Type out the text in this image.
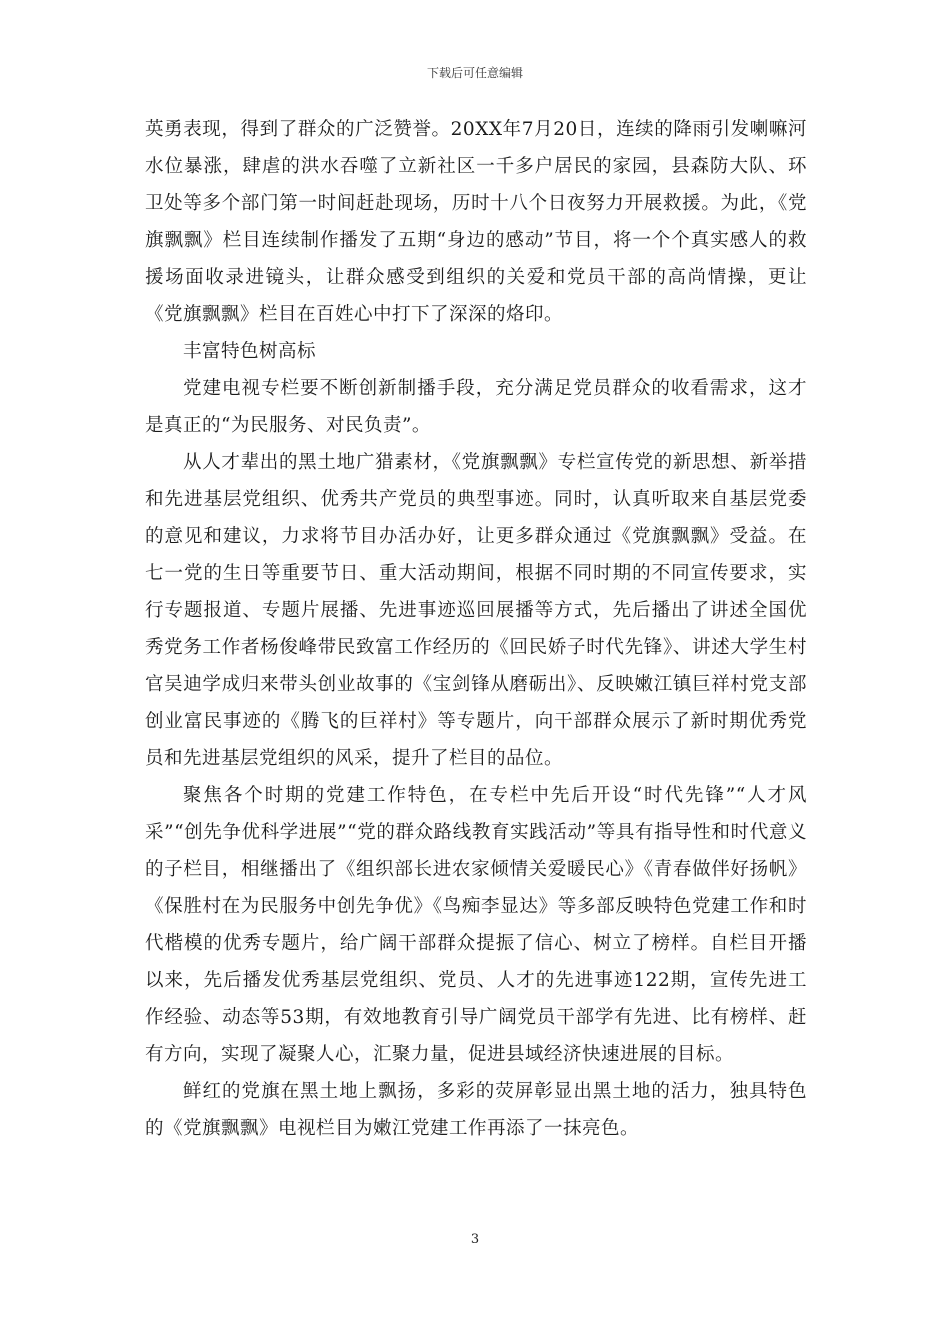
下载后可任意编辑

英勇表现，得到了群众的广泛赞誉。20XX年7月20日，连续的降雨引发喇嘛河水位暴涨，肆虐的洪水吞噬了立新社区一千多户居民的家园，县森防大队、环卫处等多个部门第一时间赶赴现场，历时十八个日夜努力开展救援。为此，《党旗飘飘》栏目连续制作播发了五期“身边的感动”节目，将一个个真实感人的救援场面收录进镜头，让群众感受到组织的关爱和党员干部的高尚情操，更让《党旗飘飘》栏目在百姓心中打下了深深的烙印。

丰富特色树高标

党建电视专栏要不断创新制播手段，充分满足党员群众的收看需求，这才是真正的“为民服务、对民负责”。

从人才辈出的黑土地广猎素材，《党旗飘飘》专栏宣传党的新思想、新举措和先进基层党组织、优秀共产党员的典型事迹。同时，认真听取来自基层党委的意见和建议，力求将节目办活办好，让更多群众通过《党旗飘飘》受益。在七一党的生日等重要节日、重大活动期间，根据不同时期的不同宣传要求，实行专题报道、专题片展播、先进事迹巡回展播等方式，先后播出了讲述全国优秀党务工作者杨俊峰带民致富工作经历的《回民娇子时代先锋》、讲述大学生村官吴迪学成归来带头创业故事的《宝剑锋从磨砺出》、反映嫩江镇巨祥村党支部创业富民事迹的《腾飞的巨祥村》等专题片，向干部群众展示了新时期优秀党员和先进基层党组织的风采，提升了栏目的品位。

聚焦各个时期的党建工作特色，在专栏中先后开设“时代先锋”“人才风采”“创先争优科学进展”“党的群众路线教育实践活动”等具有指导性和时代意义的子栏目，相继播出了《组织部长进农家倾情关爱暖民心》《青春做伴好扬帆》《保胜村在为民服务中创先争优》《鸟痴李显达》等多部反映特色党建工作和时代楷模的优秀专题片，给广阔干部群众提振了信心、树立了榜样。自栏目开播以来，先后播发优秀基层党组织、党员、人才的先进事迹122期，宣传先进工作经验、动态等53期，有效地教育引导广阔党员干部学有先进、比有榜样、赶有方向，实现了凝聚人心，汇聚力量，促进县域经济快速进展的目标。

鲜红的党旗在黑土地上飘扬，多彩的荧屏彰显出黑土地的活力，独具特色的《党旗飘飘》电视栏目为嫩江党建工作再添了一抹亮色。

3
